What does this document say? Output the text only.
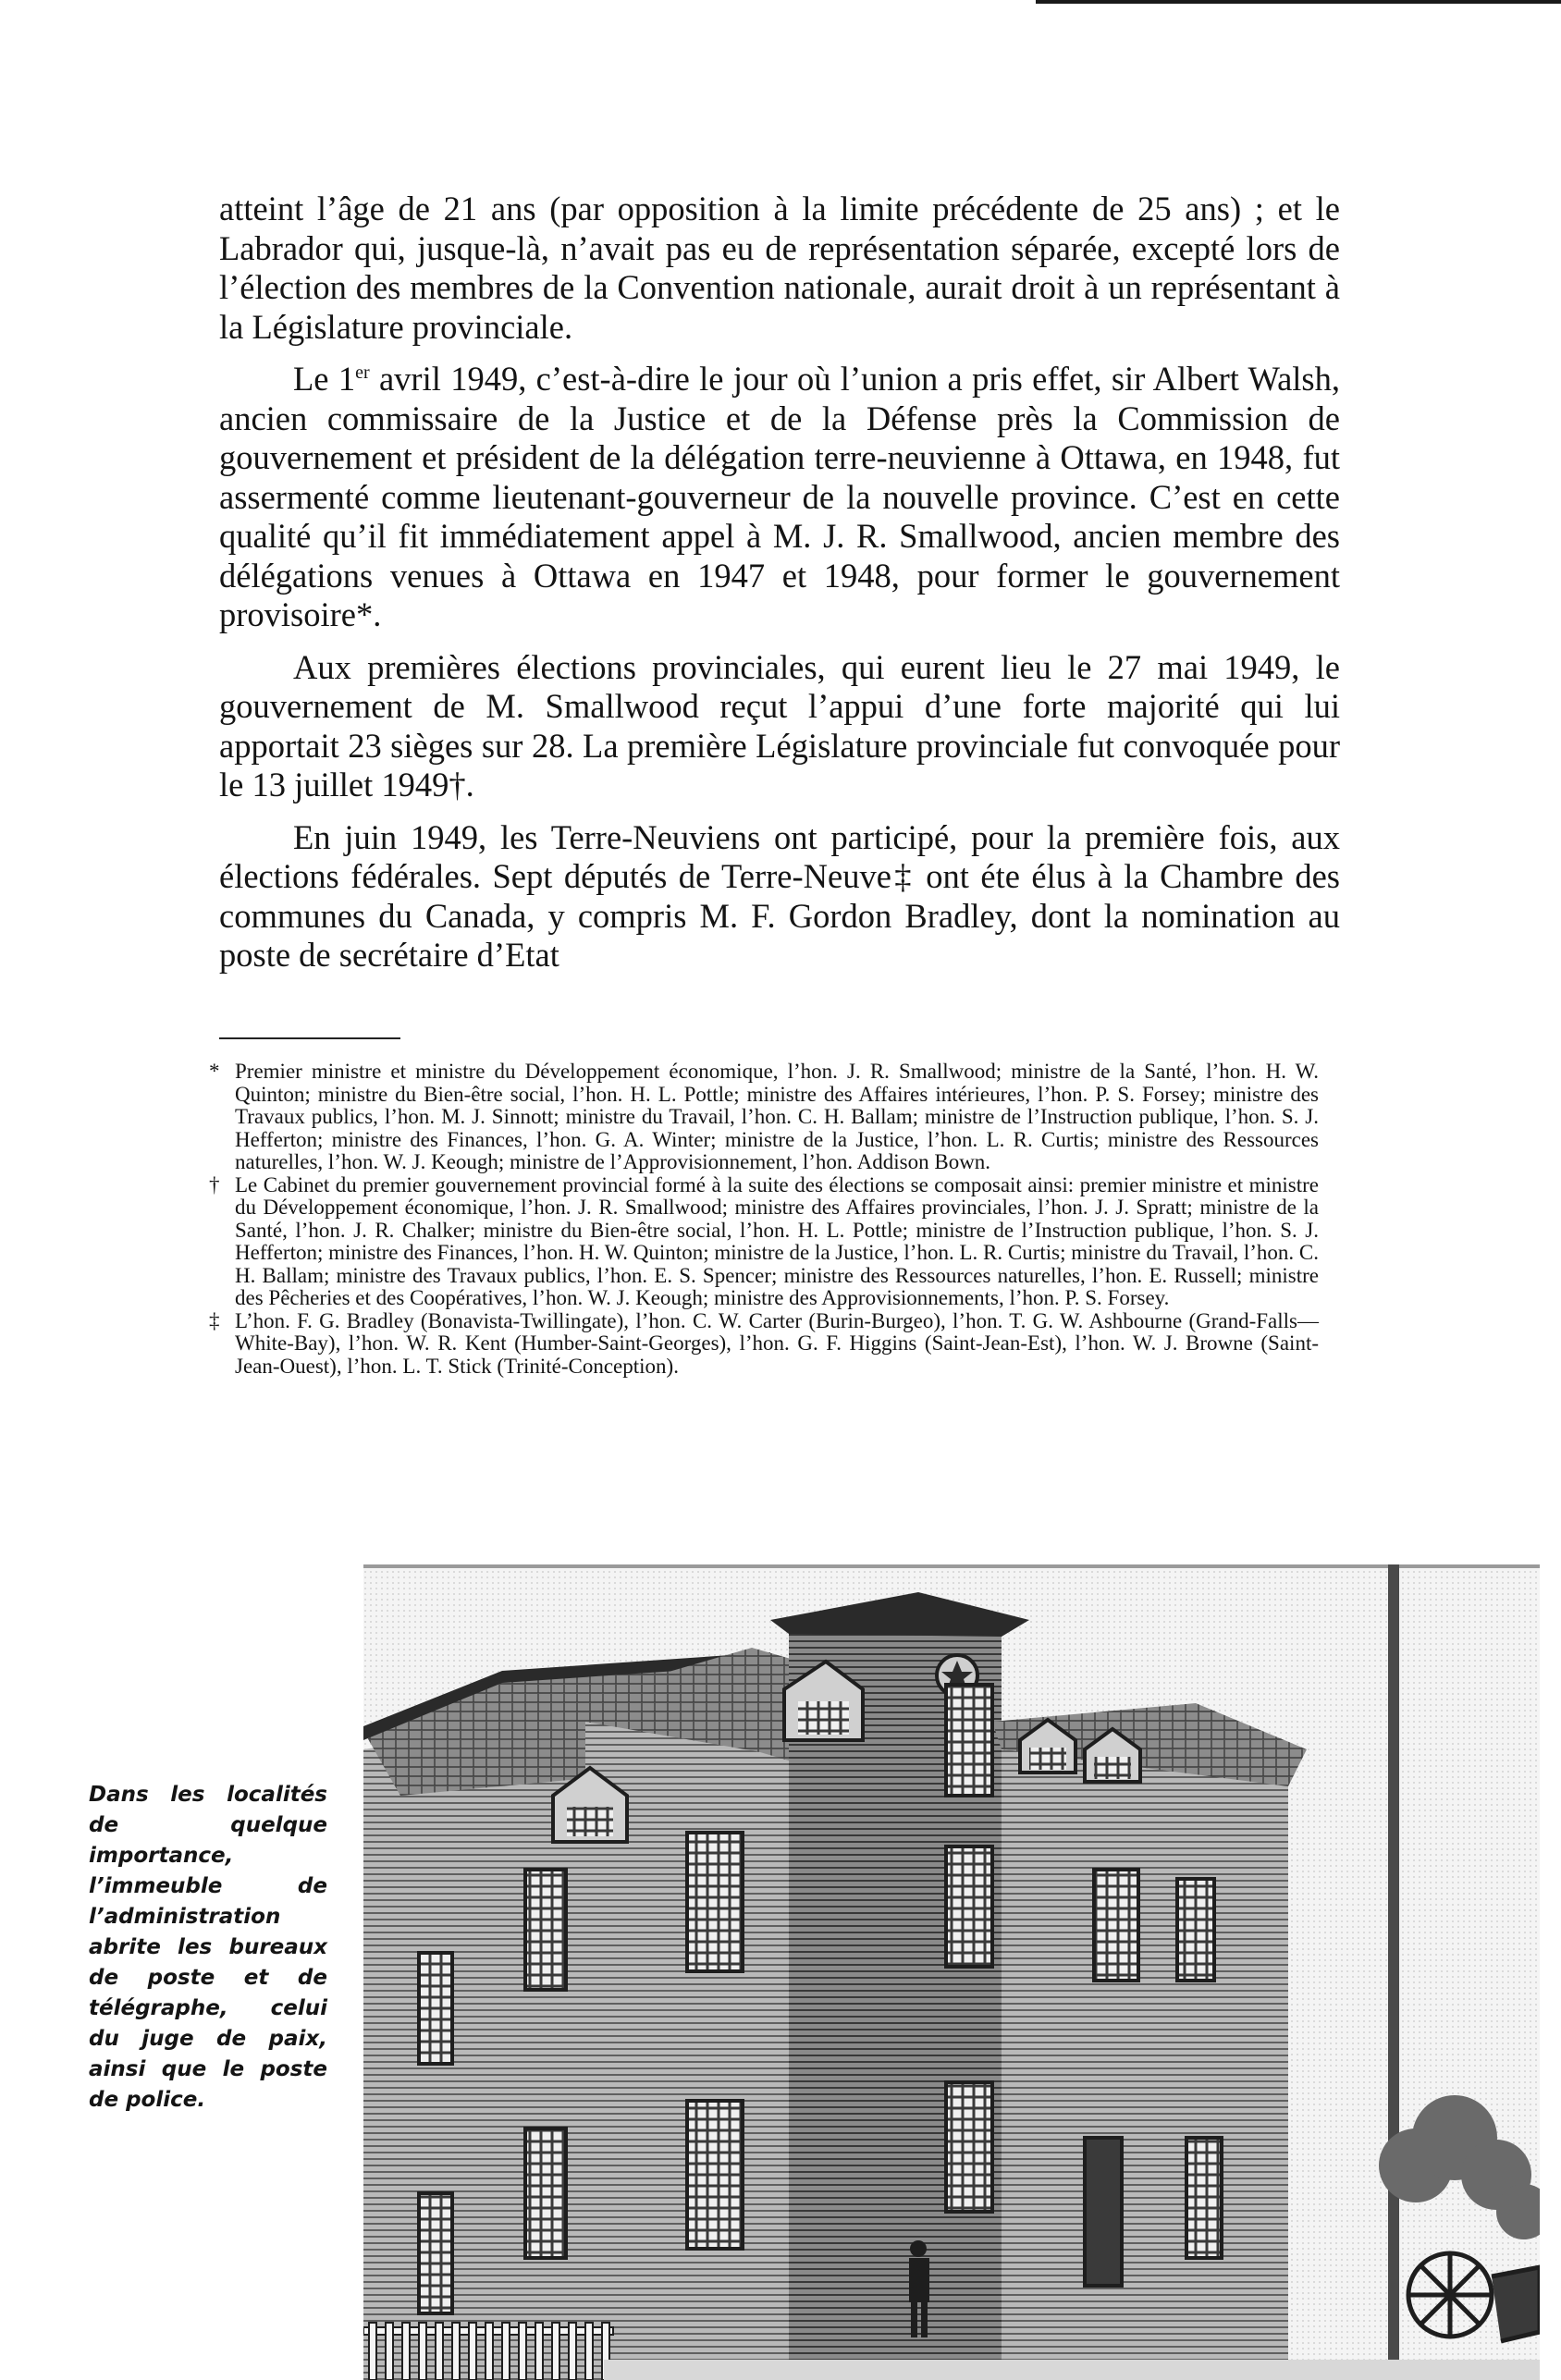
atteint l’âge de 21 ans (par opposition à la limite précédente de 25 ans) ; et le Labrador qui, jusque-là, n’avait pas eu de représentation séparée, excepté lors de l’élection des membres de la Convention nationale, aurait droit à un représentant à la Législature provinciale.

Le 1er avril 1949, c’est-à-dire le jour où l’union a pris effet, sir Albert Walsh, ancien commissaire de la Justice et de la Défense près la Commission de gouvernement et président de la délégation terre-neuvienne à Ottawa, en 1948, fut assermenté comme lieutenant-gouverneur de la nouvelle province. C’est en cette qualité qu’il fit immédiatement appel à M. J. R. Smallwood, ancien membre des délégations venues à Ottawa en 1947 et 1948, pour former le gouvernement provisoire*.

Aux premières élections provinciales, qui eurent lieu le 27 mai 1949, le gouvernement de M. Smallwood reçut l’appui d’une forte majorité qui lui apportait 23 sièges sur 28. La première Législature provinciale fut convoquée pour le 13 juillet 1949†.

En juin 1949, les Terre-Neuviens ont participé, pour la première fois, aux élections fédérales. Sept députés de Terre-Neuve‡ ont éte élus à la Chambre des communes du Canada, y compris M. F. Gordon Bradley, dont la nomination au poste de secrétaire d’Etat

* Premier ministre et ministre du Développement économique, l’hon. J. R. Smallwood; ministre de la Santé, l’hon. H. W. Quinton; ministre du Bien-être social, l’hon. H. L. Pottle; ministre des Affaires intérieures, l’hon. P. S. Forsey; ministre des Travaux publics, l’hon. M. J. Sinnott; ministre du Travail, l’hon. C. H. Ballam; ministre de l’Instruction publique, l’hon. S. J. Hefferton; ministre des Finances, l’hon. G. A. Winter; ministre de la Justice, l’hon. L. R. Curtis; ministre des Ressources naturelles, l’hon. W. J. Keough; ministre de l’Approvisionnement, l’hon. Addison Bown.
† Le Cabinet du premier gouvernement provincial formé à la suite des élections se composait ainsi: premier ministre et ministre du Développement économique, l’hon. J. R. Smallwood; ministre des Affaires provinciales, l’hon. J. J. Spratt; ministre de la Santé, l’hon. J. R. Chalker; ministre du Bien-être social, l’hon. H. L. Pottle; ministre de l’Instruction publique, l’hon. S. J. Hefferton; ministre des Finances, l’hon. H. W. Quinton; ministre de la Justice, l’hon. L. R. Curtis; ministre du Travail, l’hon. C. H. Ballam; ministre des Travaux publics, l’hon. E. S. Spencer; ministre des Ressources naturelles, l’hon. E. Russell; ministre des Pêcheries et des Coopératives, l’hon. W. J. Keough; ministre des Approvisionnements, l’hon. P. S. Forsey.
‡ L’hon. F. G. Bradley (Bonavista-Twillingate), l’hon. C. W. Carter (Burin-Burgeo), l’hon. T. G. W. Ashbourne (Grand-Falls—White-Bay), l’hon. W. R. Kent (Humber-Saint-Georges), l’hon. G. F. Higgins (Saint-Jean-Est), l’hon. W. J. Browne (Saint-Jean-Ouest), l’hon. L. T. Stick (Trinité-Conception).
Dans les localités de quelque importance, l’immeuble de l’administration abrite les bureaux de poste et de télégraphe, celui du juge de paix, ainsi que le poste de police.
